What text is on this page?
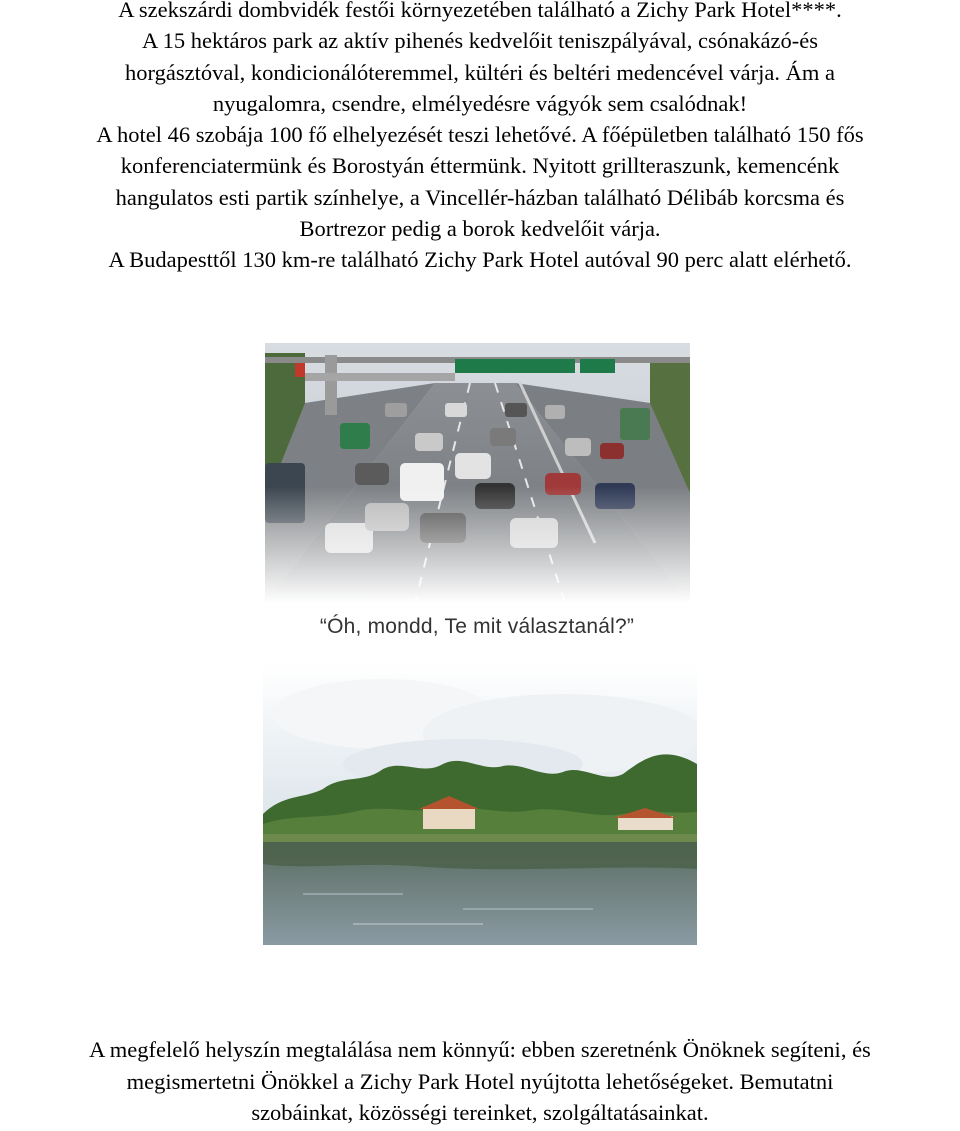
A szekszárdi dombvidék festői környezetében található a Zichy Park Hotel****.

A 15 hektáros park az aktív pihenés kedvelőit teniszpályával, csónakázó-és

horgásztóval, kondicionálóteremmel, kültéri és beltéri medencével várja. Ám a

nyugalomra, csendre, elmélyedésre vágyók sem csalódnak!

A hotel 46 szobája 100 fő elhelyezését teszi lehetővé. A főépületben található 150 fős

konferenciatermünk és Borostyán éttermünk. Nyitott grillteraszunk, kemencénk

hangulatos esti partik színhelye, a Vincellér-házban található Délibáb korcsma és

Bortrezor pedig a borok kedvelőit várja.

A Budapesttől 130 km-re található Zichy Park Hotel autóval 90 perc alatt elérhető.

“Óh, mondd, Te mit választanál?”

A megfelelő helyszín megtalálása nem könnyű: ebben szeretnénk Önöknek segíteni, és

megismertetni Önökkel a Zichy Park Hotel nyújtotta lehetőségeket. Bemutatni

szobáinkat, közösségi tereinket, szolgáltatásainkat.
